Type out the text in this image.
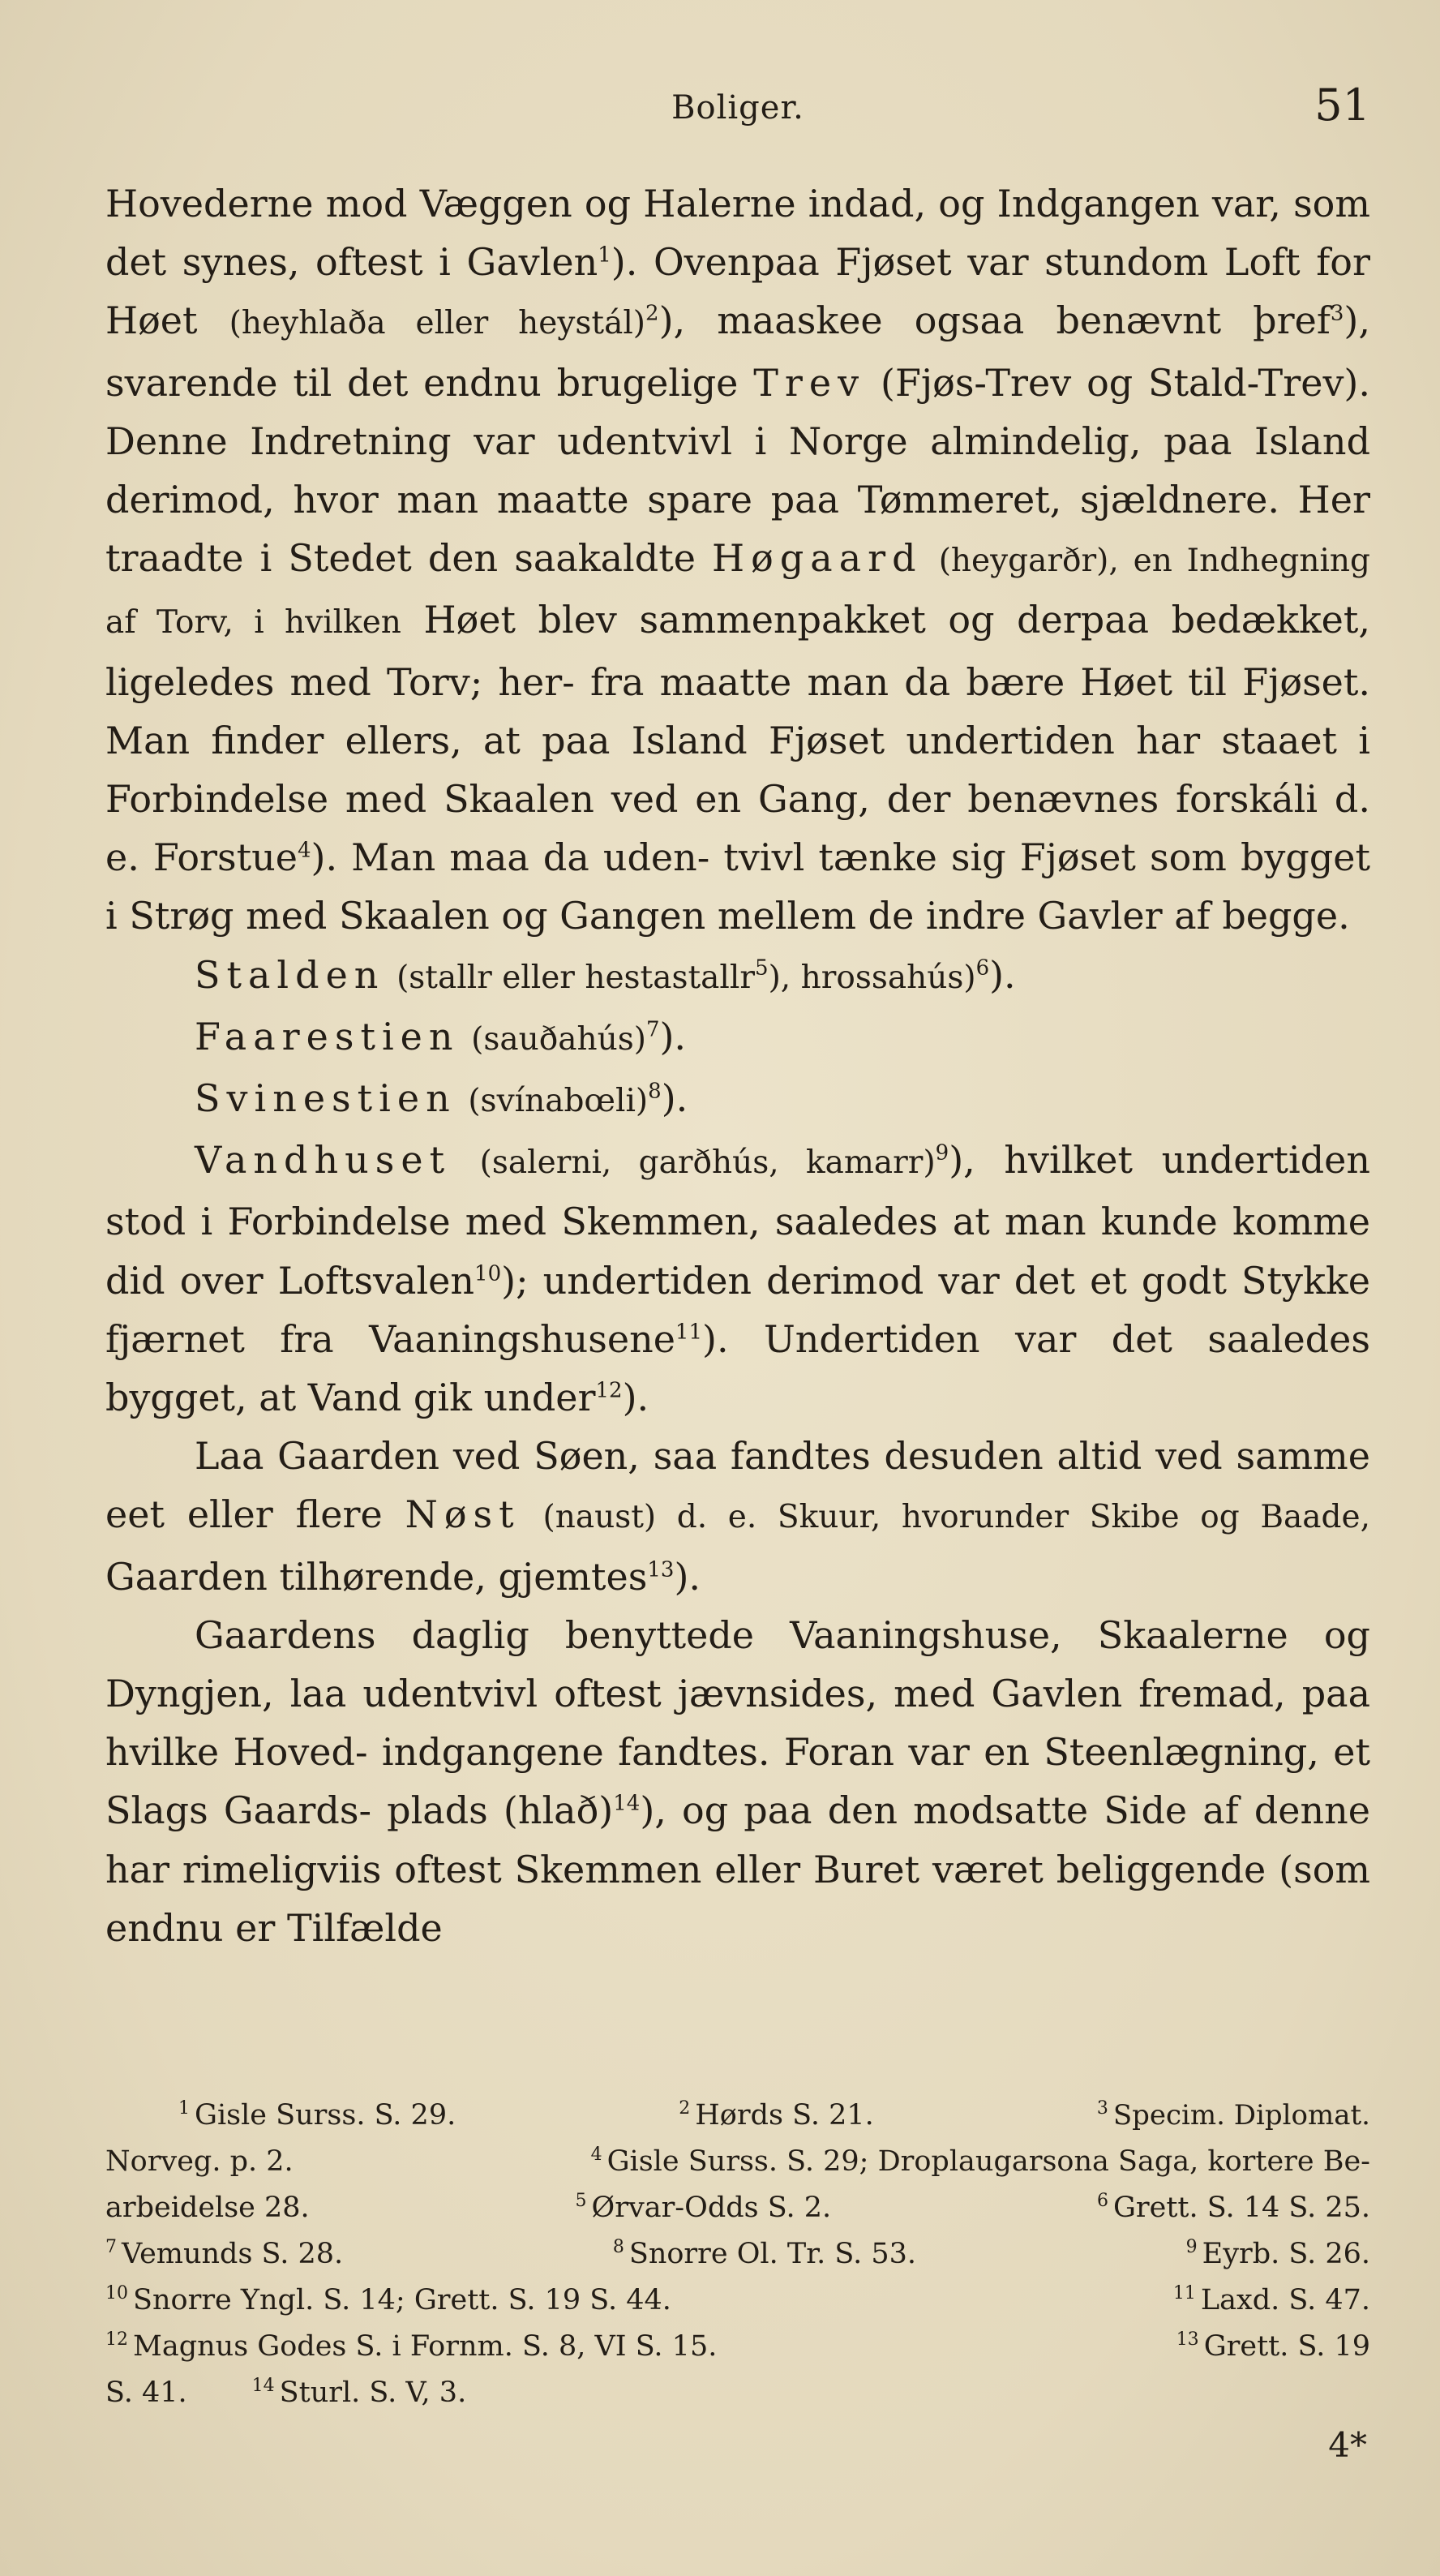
Boliger.	51

Hovederne mod Væggen og Halerne indad, og Indgangen var, som det synes, oftest i Gavlen$^1$). Ovenpaa Fjøset var stundom Loft for Høet (heyhlaða eller heystál)$^2$), maaskee ogsaa benævnt þref$^3$), svarende til det endnu brugelige Trev (Fjøs-Trev og Stald-Trev). Denne Indretning var udentvivl i Norge almindelig, paa Island derimod, hvor man maatte spare paa Tømmeret, sjældnere. Her traadte i Stedet den saakaldte Høgaard (heygarðr), en Indhegning af Torv, i hvilken Høet blev sammenpakket og derpaa bedækket, ligeledes med Torv; her- fra maatte man da bære Høet til Fjøset. Man finder ellers, at paa Island Fjøset undertiden har staaet i Forbindelse med Skaalen ved en Gang, der benævnes forskáli d. e. Forstue$^4$). Man maa da uden- tvivl tænke sig Fjøset som bygget i Strøg med Skaalen og Gangen mellem de indre Gavler af begge.

Stalden (stallr eller hestastallr$^5$), hrossahús)$^6$).

Faarestien (sauðahús)$^7$).

Svinestien (svínabœli)$^8$).

Vandhuset (salerni, garðhús, kamarr)$^9$), hvilket undertiden stod i Forbindelse med Skemmen, saaledes at man kunde komme did over Loftsvalen$^{10}$); undertiden derimod var det et godt Stykke fjærnet fra Vaaningshusene$^{11}$). Undertiden var det saaledes bygget, at Vand gik under$^{12}$).

Laa Gaarden ved Søen, saa fandtes desuden altid ved samme eet eller flere Nøst (naust) d. e. Skuur, hvorunder Skibe og Baade, Gaarden tilhørende, gjemtes$^{13}$).

Gaardens daglig benyttede Vaaningshuse, Skaalerne og Dyngjen, laa udentvivl oftest jævnsides, med Gavlen fremad, paa hvilke Hoved- indgangene fandtes. Foran var en Steenlægning, et Slags Gaards- plads (hlað)$^{14}$), og paa den modsatte Side af denne har rimeligviis oftest Skemmen eller Buret været beliggende (som endnu er Tilfælde

$^1$ Gisle Surss. S. 29.	$^2$ Hørds S. 21.	$^3$ Specim. Diplomat.
Norveg. p. 2.	$^4$ Gisle Surss. S. 29; Droplaugarsona Saga, kortere Be-
arbeidelse 28.	$^5$ Ørvar-Odds S. 2.	$^6$ Grett. S. 14 S. 25.
$^7$ Vemunds S. 28.	$^8$ Snorre Ol. Tr. S. 53.	$^9$ Eyrb. S. 26.
$^{10}$ Snorre Yngl. S. 14; Grett. S. 19 S. 44.	$^{11}$ Laxd. S. 47.
$^{12}$ Magnus Godes S. i Fornm. S. 8, VI S. 15.	$^{13}$ Grett. S. 19
S. 41.	$^{14}$ Sturl. S. V, 3.
4*
